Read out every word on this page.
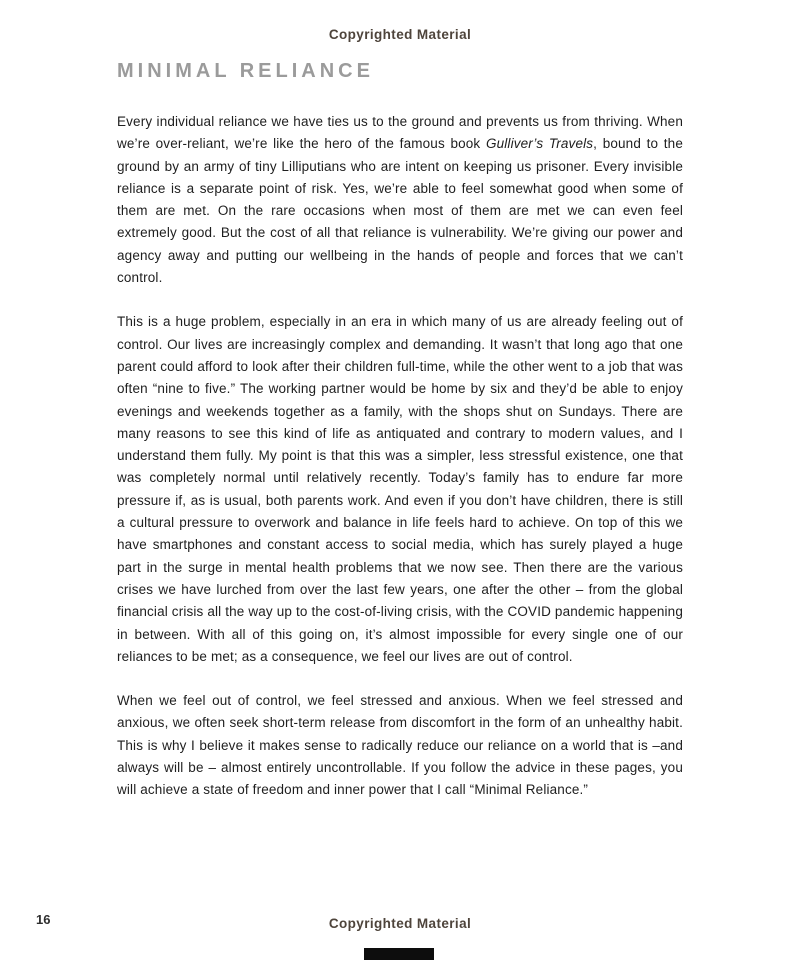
Copyrighted Material
MINIMAL RELIANCE

Every individual reliance we have ties us to the ground and prevents us from thriving. When we’re over-reliant, we’re like the hero of the famous book Gulliver’s Travels, bound to the ground by an army of tiny Lilliputians who are intent on keeping us prisoner. Every invisible reliance is a separate point of risk. Yes, we’re able to feel somewhat good when some of them are met. On the rare occasions when most of them are met we can even feel extremely good. But the cost of all that reliance is vulnerability. We’re giving our power and agency away and putting our wellbeing in the hands of people and forces that we can’t control.

This is a huge problem, especially in an era in which many of us are already feeling out of control. Our lives are increasingly complex and demanding. It wasn’t that long ago that one parent could afford to look after their children full-time, while the other went to a job that was often “nine to five.” The working partner would be home by six and they’d be able to enjoy evenings and weekends together as a family, with the shops shut on Sundays. There are many reasons to see this kind of life as antiquated and contrary to modern values, and I understand them fully. My point is that this was a simpler, less stressful existence, one that was completely normal until relatively recently. Today’s family has to endure far more pressure if, as is usual, both parents work. And even if you don’t have children, there is still a cultural pressure to overwork and balance in life feels hard to achieve. On top of this we have smartphones and constant access to social media, which has surely played a huge part in the surge in mental health problems that we now see. Then there are the various crises we have lurched from over the last few years, one after the other – from the global financial crisis all the way up to the cost-of-living crisis, with the COVID pandemic happening in between. With all of this going on, it’s almost impossible for every single one of our reliances to be met; as a consequence, we feel our lives are out of control.

When we feel out of control, we feel stressed and anxious. When we feel stressed and anxious, we often seek short-term release from discomfort in the form of an unhealthy habit. This is why I believe it makes sense to radically reduce our reliance on a world that is –and always will be – almost entirely uncontrollable. If you follow the advice in these pages, you will achieve a state of freedom and inner power that I call “Minimal Reliance.”

16	Copyrighted Material
